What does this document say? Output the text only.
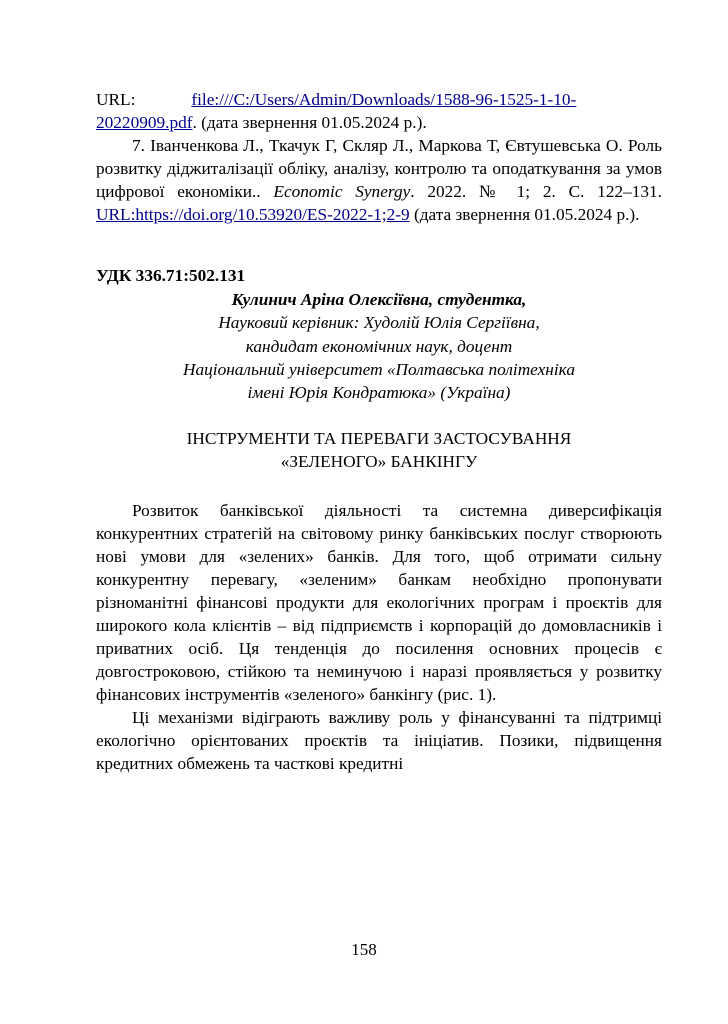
URL:	file:///C:/Users/Admin/Downloads/1588-96-1525-1-10-20220909.pdf. (дата звернення 01.05.2024 р.).

7. Іванченкова Л., Ткачук Г, Скляр Л., Маркова Т, Євтушевська О. Роль розвитку діджиталізації обліку, аналізу, контролю та оподаткування за умов цифрової економіки.. Economic Synergy. 2022. № 1; 2. С. 122–131. URL:https://doi.org/10.53920/ES-2022-1;2-9 (дата звернення 01.05.2024 р.).

УДК 336.71:502.131
Кулинич Аріна Олексіївна, студентка,
Науковий керівник: Худолій Юлія Сергіївна,
кандидат економічних наук, доцент
Національний університет «Полтавська політехніка
імені Юрія Кондратюка» (Україна)
ІНСТРУМЕНТИ ТА ПЕРЕВАГИ ЗАСТОСУВАННЯ
«ЗЕЛЕНОГО» БАНКІНГУ

Розвиток банківської діяльності та системна диверсифікація конкурентних стратегій на світовому ринку банківських послуг створюють нові умови для «зелених» банків. Для того, щоб отримати сильну конкурентну перевагу, «зеленим» банкам необхідно пропонувати різноманітні фінансові продукти для екологічних програм і проєктів для широкого кола клієнтів – від підприємств і корпорацій до домовласників і приватних осіб. Ця тенденція до посилення основних процесів є довгостроковою, стійкою та неминучою і наразі проявляється у розвитку фінансових інструментів «зеленого» банкінгу (рис. 1).

Ці механізми відіграють важливу роль у фінансуванні та підтримці екологічно орієнтованих проєктів та ініціатив. Позики, підвищення кредитних обмежень та часткові кредитні

158
